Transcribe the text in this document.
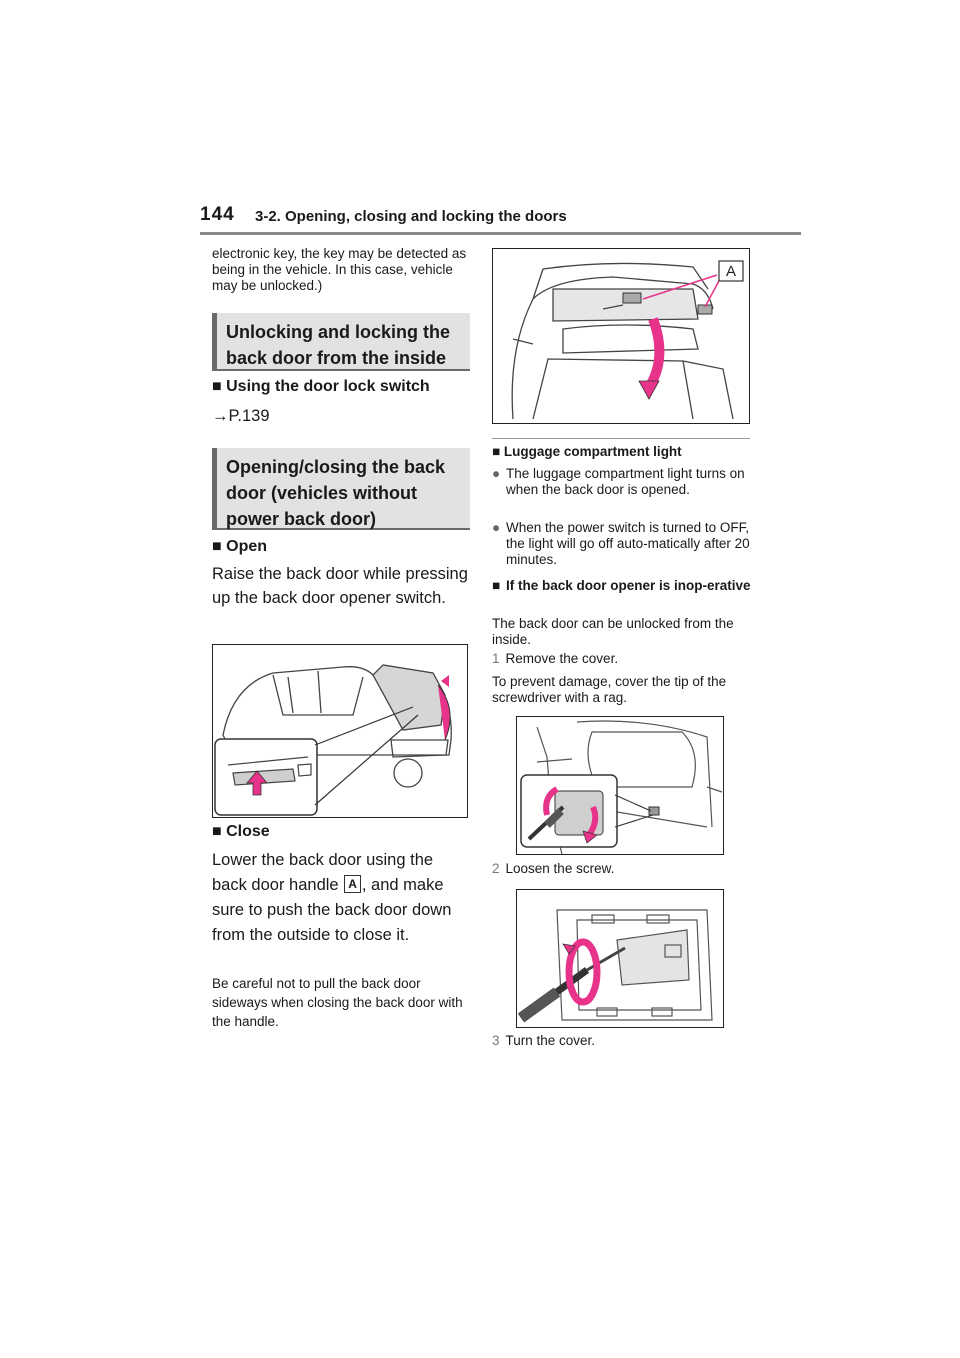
144 3-2. Opening, closing and locking the doors
electronic key, the key may be detected as being in the vehicle. In this case, vehicle may be unlocked.)
Unlocking and locking the back door from the inside
■ Using the door lock switch
→P.139
Opening/closing the back door (vehicles without power back door)
■ Open
Raise the back door while pressing up the back door opener switch.
■ Close
Lower the back door using the back door handle A , and make sure to push the back door down from the outside to close it.
Be careful not to pull the back door sideways when closing the back door with the handle.
A
■ Luggage compartment light
● The luggage compartment light turns on when the back door is opened.
● When the power switch is turned to OFF, the light will go off auto-matically after 20 minutes.
■ If the back door opener is inop-erative
The back door can be unlocked from the inside.
1 Remove the cover.
To prevent damage, cover the tip of the screwdriver with a rag.
2 Loosen the screw.
3 Turn the cover.
